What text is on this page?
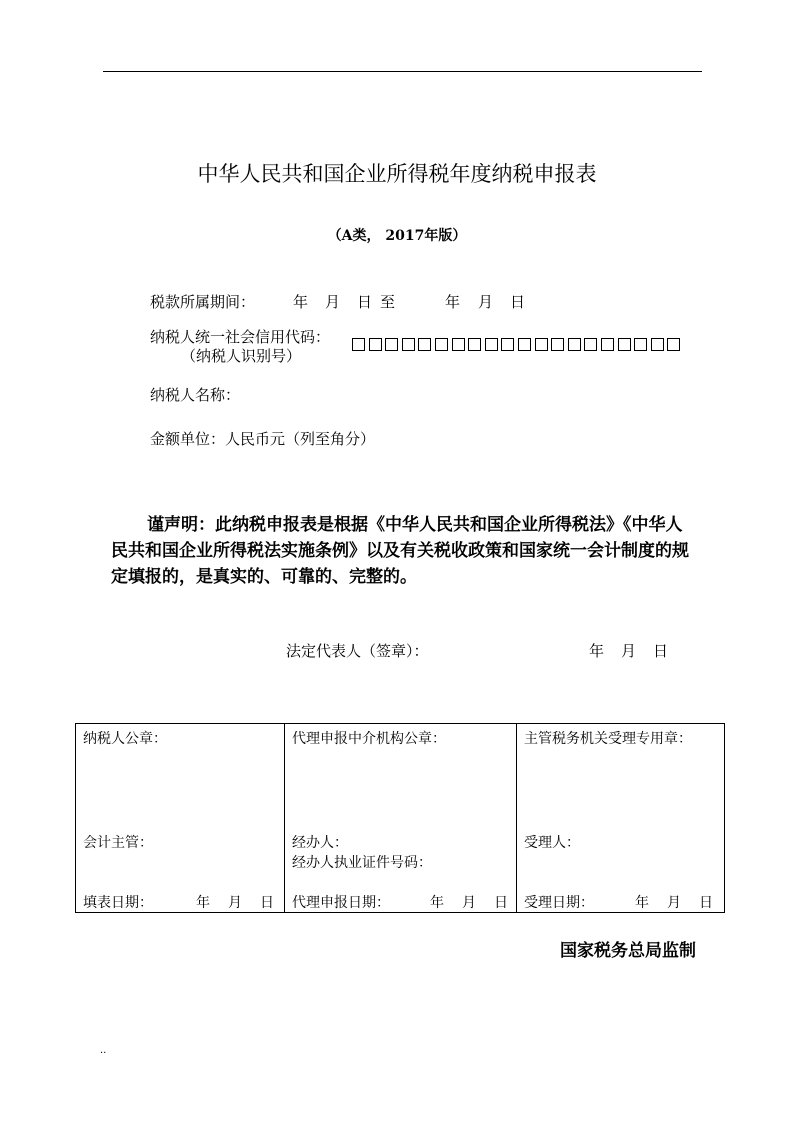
中华人民共和国企业所得税年度纳税申报表
（A类， 2017年版）
税款所属期间：	年 月 日 至	年 月 日
纳税人统一社会信用代码：
（纳税人识别号）
纳税人名称：
金额单位：人民币元（列至角分）
谨声明：此纳税申报表是根据《中华人民共和国企业所得税法》《中华人民共和国企业所得税法实施条例》以及有关税收政策和国家统一会计制度的规定填报的，是真实的、可靠的、完整的。
法定代表人（签章）：	年 月 日
纳税人公章：
会计主管：
填表日期：	年 月 日

代理申报中介机构公章：
经办人：
经办人执业证件号码：
代理申报日期：	年 月 日

主管税务机关受理专用章：
受理人：
受理日期：	年 月 日
国家税务总局监制
..
